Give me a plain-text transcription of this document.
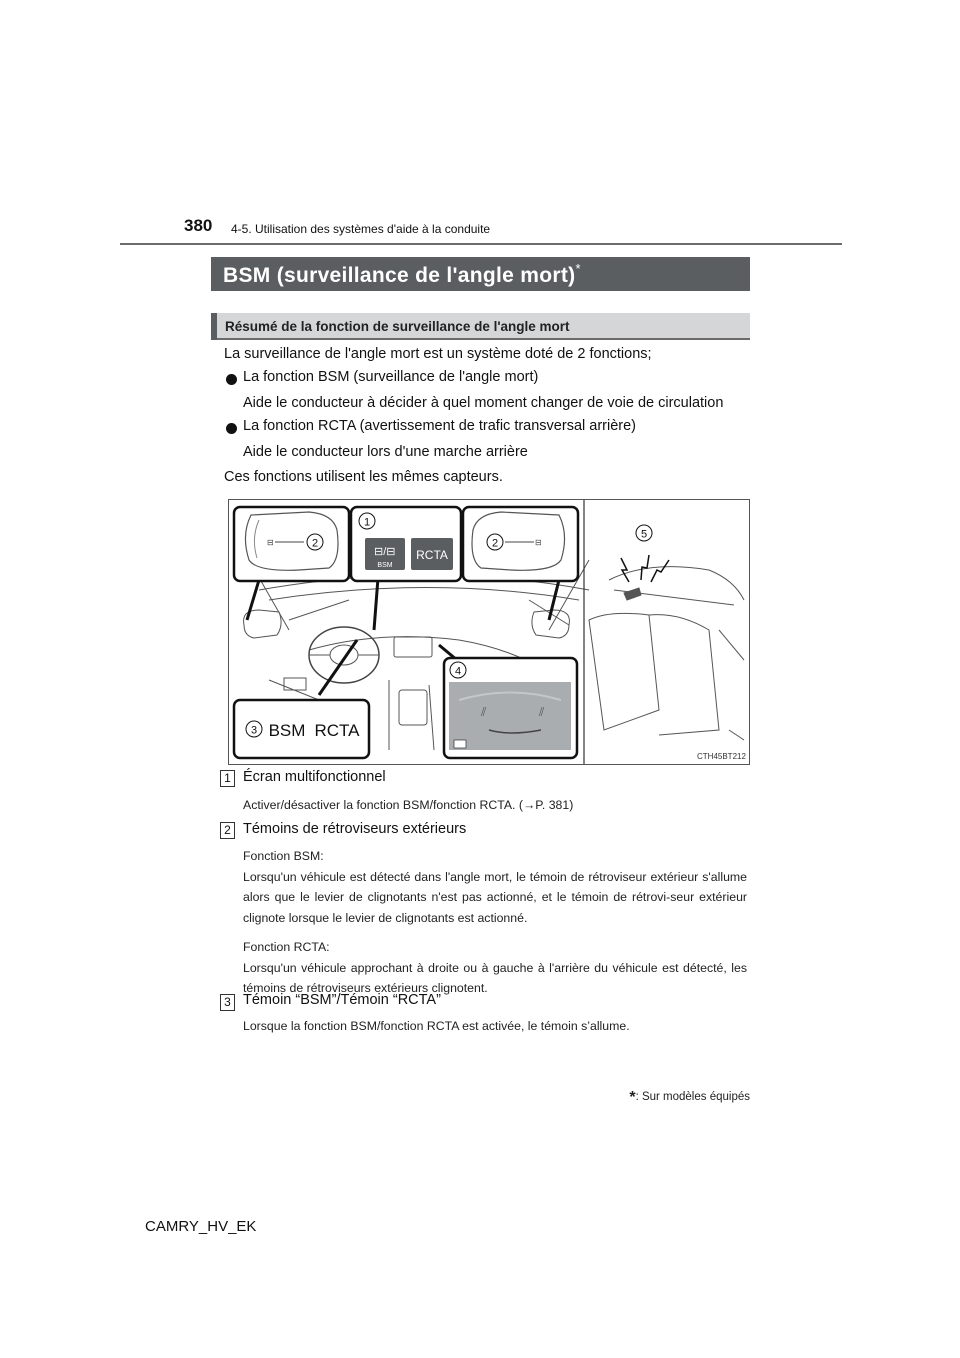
380 4-5. Utilisation des systèmes d'aide à la conduite
BSM (surveillance de l'angle mort)*
Résumé de la fonction de surveillance de l'angle mort
La surveillance de l'angle mort est un système doté de 2 fonctions;
La fonction BSM (surveillance de l'angle mort)
Aide le conducteur à décider à quel moment changer de voie de circulation
La fonction RCTA (avertissement de trafic transversal arrière)
Aide le conducteur lors d'une marche arrière
Ces fonctions utilisent les mêmes capteurs.
⊟	2
⊟/⊟
BSM
RCTA
1
⊟
2
3 BSM RCTA
⫽	⫽
4
5
CTH45BT212
1 Écran multifonctionnel

Activer/désactiver la fonction BSM/fonction RCTA. (→P. 381)

2 Témoins de rétroviseurs extérieurs

Fonction BSM:

Lorsqu'un véhicule est détecté dans l'angle mort, le témoin de rétroviseur extérieur s'allume alors que le levier de clignotants n'est pas actionné, et le témoin de rétrovi-seur extérieur clignote lorsque le levier de clignotants est actionné.

Fonction RCTA:

Lorsqu'un véhicule approchant à droite ou à gauche à l'arrière du véhicule est détecté, les témoins de rétroviseurs extérieurs clignotent.

3 Témoin “BSM”/Témoin “RCTA”

Lorsque la fonction BSM/fonction RCTA est activée, le témoin s’allume.

*: Sur modèles équipés
CAMRY_HV_EK
